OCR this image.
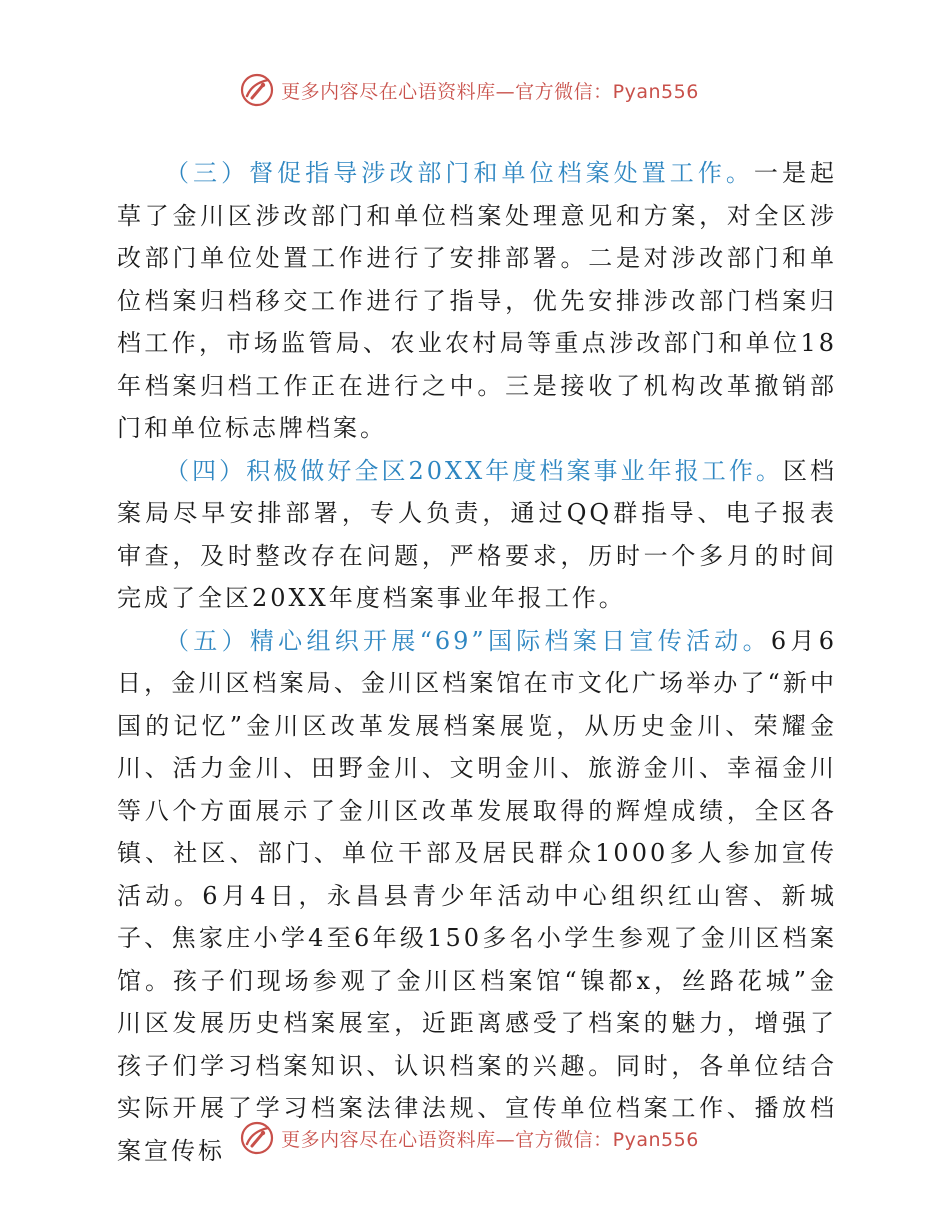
更多内容尽在心语资料库—官方微信：Pyan556

（三）督促指导涉改部门和单位档案处置工作。一是起草了金川区涉改部门和单位档案处理意见和方案，对全区涉改部门单位处置工作进行了安排部署。二是对涉改部门和单位档案归档移交工作进行了指导，优先安排涉改部门档案归档工作，市场监管局、农业农村局等重点涉改部门和单位18年档案归档工作正在进行之中。三是接收了机构改革撤销部门和单位标志牌档案。

（四）积极做好全区20XX年度档案事业年报工作。区档案局尽早安排部署，专人负责，通过QQ群指导、电子报表审查，及时整改存在问题，严格要求，历时一个多月的时间完成了全区20XX年度档案事业年报工作。

（五）精心组织开展“69”国际档案日宣传活动。6月6日，金川区档案局、金川区档案馆在市文化广场举办了“新中国的记忆”金川区改革发展档案展览，从历史金川、荣耀金川、活力金川、田野金川、文明金川、旅游金川、幸福金川等八个方面展示了金川区改革发展取得的辉煌成绩，全区各镇、社区、部门、单位干部及居民群众1000多人参加宣传活动。6月4日，永昌县青少年活动中心组织红山窖、新城子、焦家庄小学4至6年级150多名小学生参观了金川区档案馆。孩子们现场参观了金川区档案馆“镍都x，丝路花城”金川区发展历史档案展室，近距离感受了档案的魅力，增强了孩子们学习档案知识、认识档案的兴趣。同时，各单位结合实际开展了学习档案法律法规、宣传单位档案工作、播放档案宣传标	更多内容尽在心语资料库—官方微信：Pyan556
